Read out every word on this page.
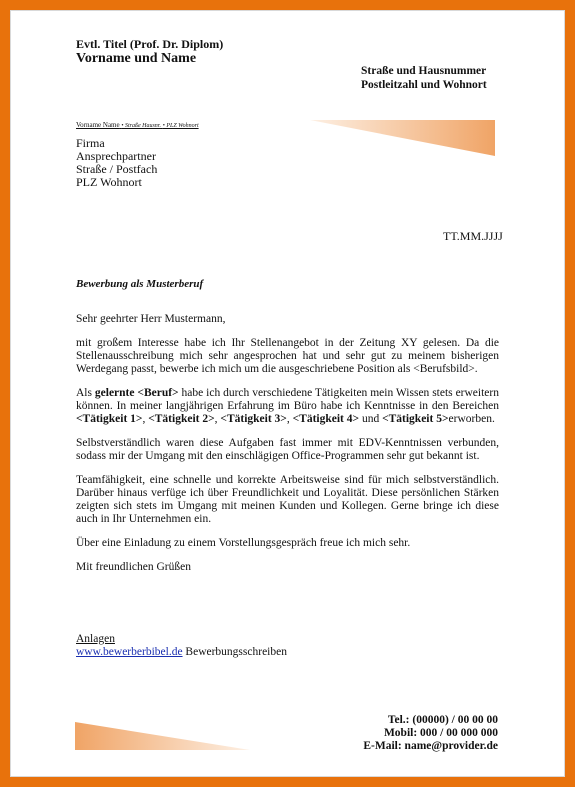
Evtl. Titel (Prof. Dr. Diplom)
Vorname und Name
Straße und Hausnummer
Postleitzahl und Wohnort
Vorname Name • Straße Hausnr. • PLZ Wohnort
Firma
Ansprechpartner
Straße / Postfach
PLZ Wohnort
TT.MM.JJJJ
Bewerbung als Musterberuf

Sehr geehrter Herr Mustermann,

mit großem Interesse habe ich Ihr Stellenangebot in der Zeitung XY gelesen. Da die Stellenausschreibung mich sehr angesprochen hat und sehr gut zu meinem bisherigen Werdegang passt, bewerbe ich mich um die ausgeschriebene Position als <Berufsbild>.

Als gelernte <Beruf> habe ich durch verschiedene Tätigkeiten mein Wissen stets erweitern können. In meiner langjährigen Erfahrung im Büro habe ich Kenntnisse in den Bereichen <Tätigkeit 1>, <Tätigkeit 2>, <Tätigkeit 3>, <Tätigkeit 4> und <Tätigkeit 5>erworben.

Selbstverständlich waren diese Aufgaben fast immer mit EDV-Kenntnissen verbunden, sodass mir der Umgang mit den einschlägigen Office-Programmen sehr gut bekannt ist.

Teamfähigkeit, eine schnelle und korrekte Arbeitsweise sind für mich selbstverständlich. Darüber hinaus verfüge ich über Freundlichkeit und Loyalität. Diese persönlichen Stärken zeigten sich stets im Umgang mit meinen Kunden und Kollegen. Gerne bringe ich diese auch in Ihr Unternehmen ein.

Über eine Einladung zu einem Vorstellungsgespräch freue ich mich sehr.

Mit freundlichen Grüßen

Anlagen
www.bewerberbibel.de Bewerbungsschreiben
Tel.: (00000) / 00 00 00
Mobil: 000 / 00 000 000
E-Mail: name@provider.de
